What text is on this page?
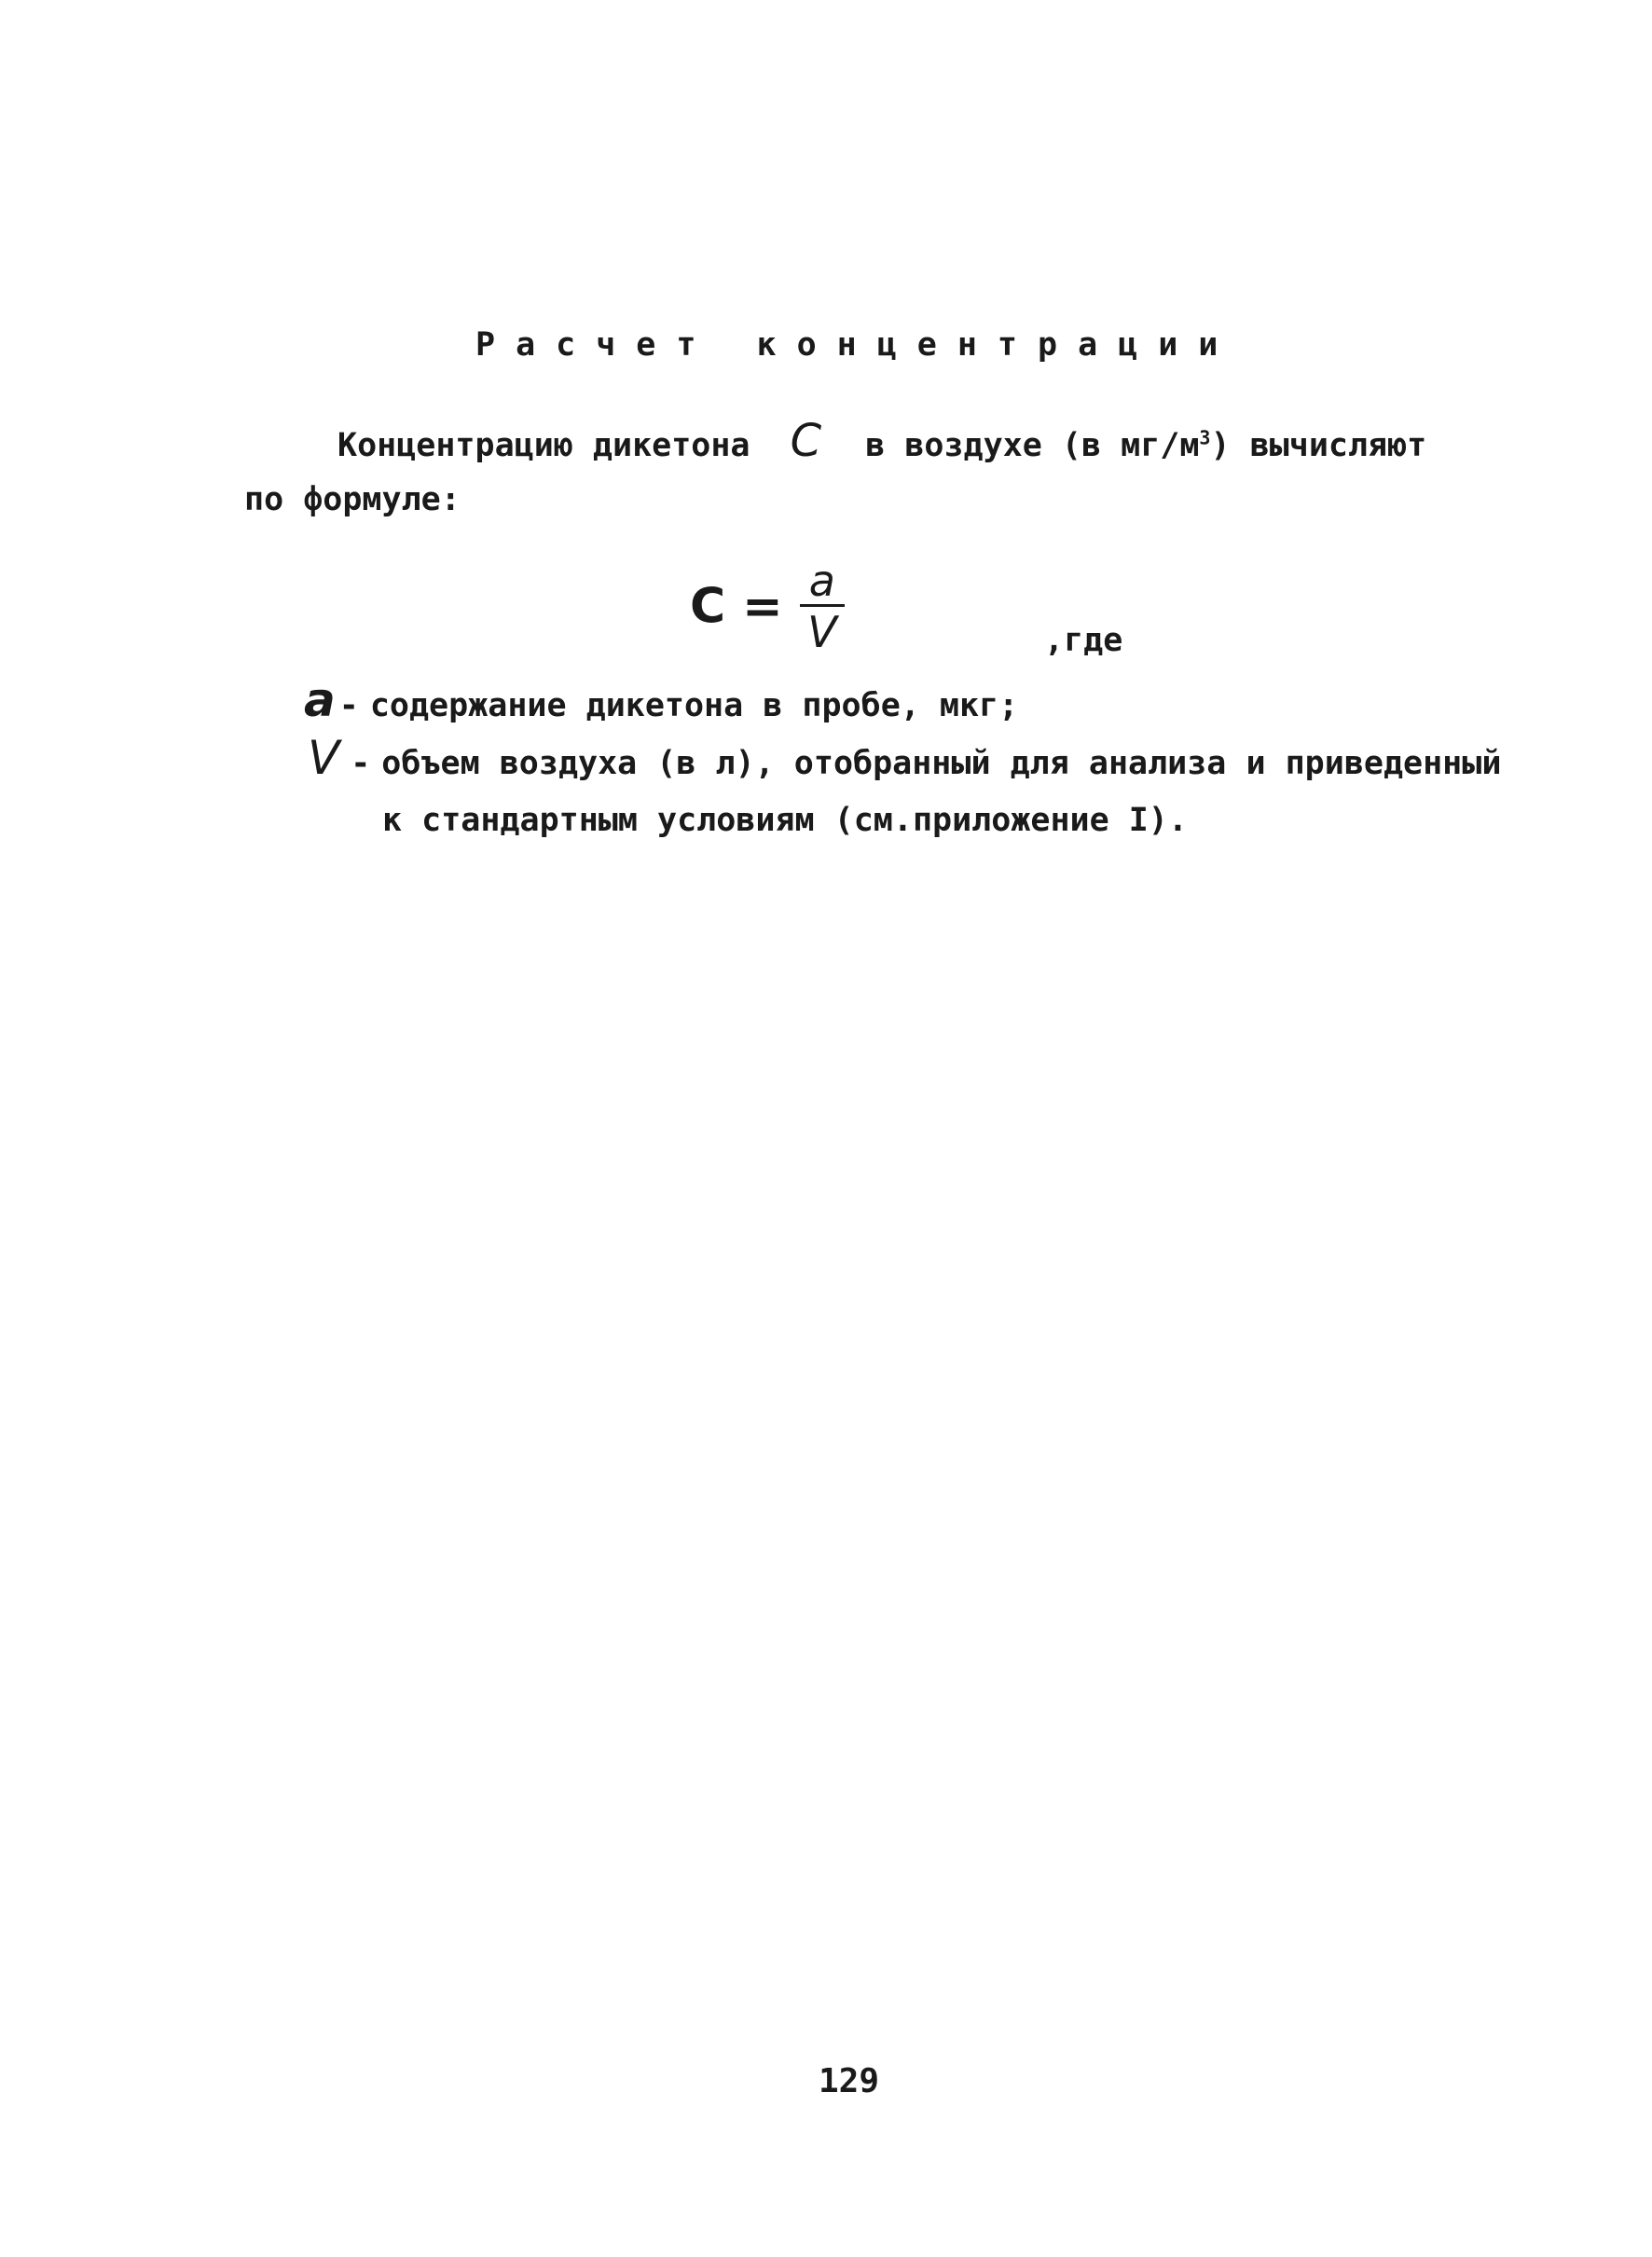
Расчет концентрации
Концентрацию дикетона C в воздухе (в $мг/м^3$) вычисляют
по формуле:
$C = \frac{a}{V}$	,где
a - содержание дикетона в пробе, мкг;
V - объем воздуха (в л), отобранный для анализа и приведенный
к стандартным условиям (см.приложение I).
129
